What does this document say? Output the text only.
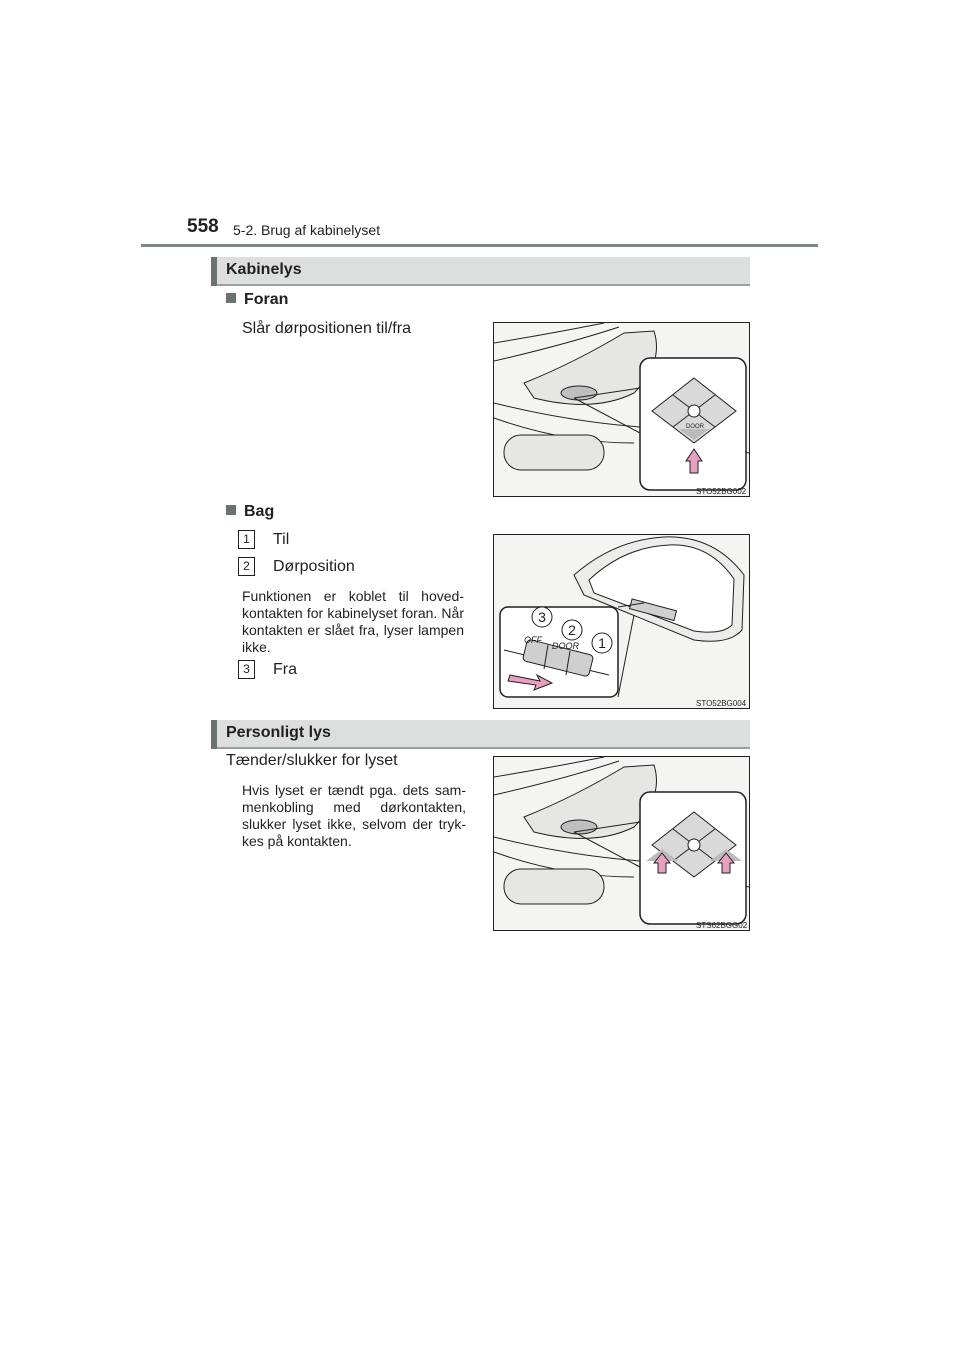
558 5-2. Brug af kabinelyset
Kabinelys
Foran
Slår dørpositionen til/fra
STO52BG002
DOOR
Bag
1	Til
2	Dørposition
Funktionen er koblet til hoved-kontakten for kabinelyset foran. Når kontakten er slået fra, lyser lampen ikke.
3	Fra
3
2
1
OFF
DOOR
STO52BG004
Personligt lys
Tænder/slukker for lyset
Hvis lyset er tændt pga. dets sam-menkobling med dørkontakten, slukker lyset ikke, selvom der tryk-kes på kontakten.
STS62BGG02
